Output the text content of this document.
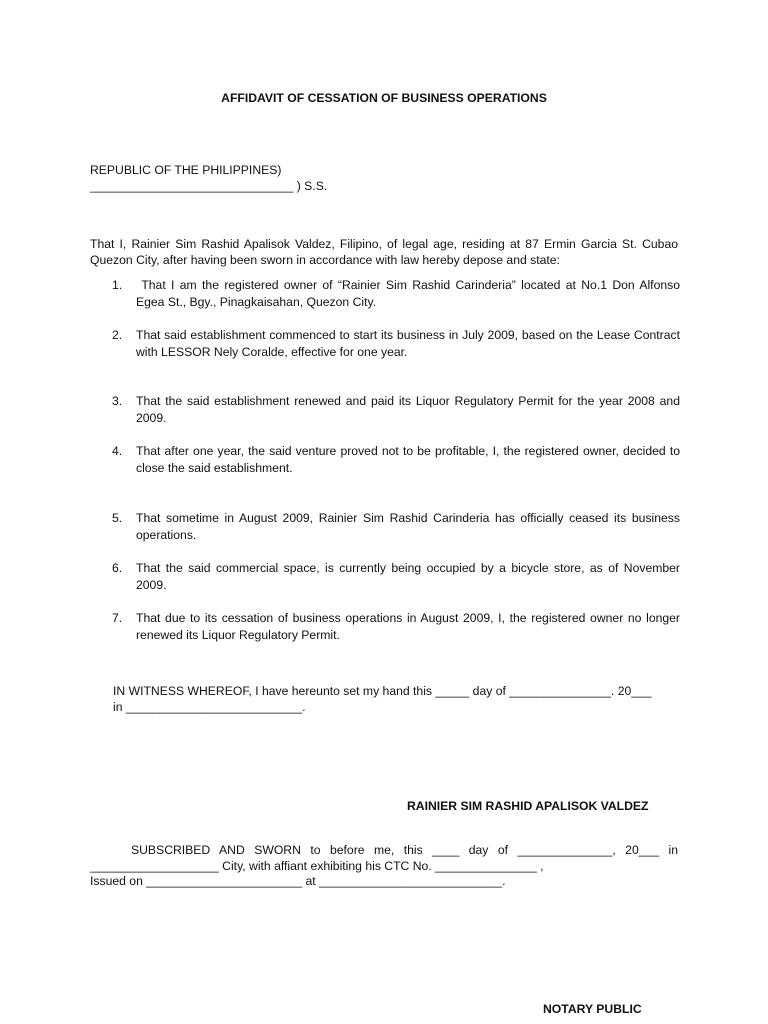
AFFIDAVIT OF CESSATION OF BUSINESS OPERATIONS
REPUBLIC OF THE PHILIPPINES)
______________________________ ) S.S.
That I, Rainier Sim Rashid Apalisok Valdez, Filipino, of legal age, residing at 87 Ermin Garcia St. Cubao
Quezon City, after having been sworn in accordance with law hereby depose and state:
1. That I am the registered owner of “Rainier Sim Rashid Carinderia” located at No.1 Don Alfonso Egea St., Bgy., Pinagkaisahan, Quezon City.
2. That said establishment commenced to start its business in July 2009, based on the Lease Contract with LESSOR Nely Coralde, effective for one year.
3. That the said establishment renewed and paid its Liquor Regulatory Permit for the year 2008 and 2009.
4. That after one year, the said venture proved not to be profitable, I, the registered owner, decided to close the said establishment.
5. That sometime in August 2009, Rainier Sim Rashid Carinderia has officially ceased its business operations.
6. That the said commercial space, is currently being occupied by a bicycle store, as of November 2009.
7. That due to its cessation of business operations in August 2009, I, the registered owner no longer renewed its Liquor Regulatory Permit.
IN WITNESS WHEREOF, I have hereunto set my hand this _____ day of _______________. 20___
in __________________________.
RAINIER SIM RASHID APALISOK VALDEZ
SUBSCRIBED AND SWORN to before me, this ____ day of ______________, 20___ in
___________________ City, with affiant exhibiting his CTC No. _______________ ,
Issued on _______________________ at ___________________________.
NOTARY PUBLIC
